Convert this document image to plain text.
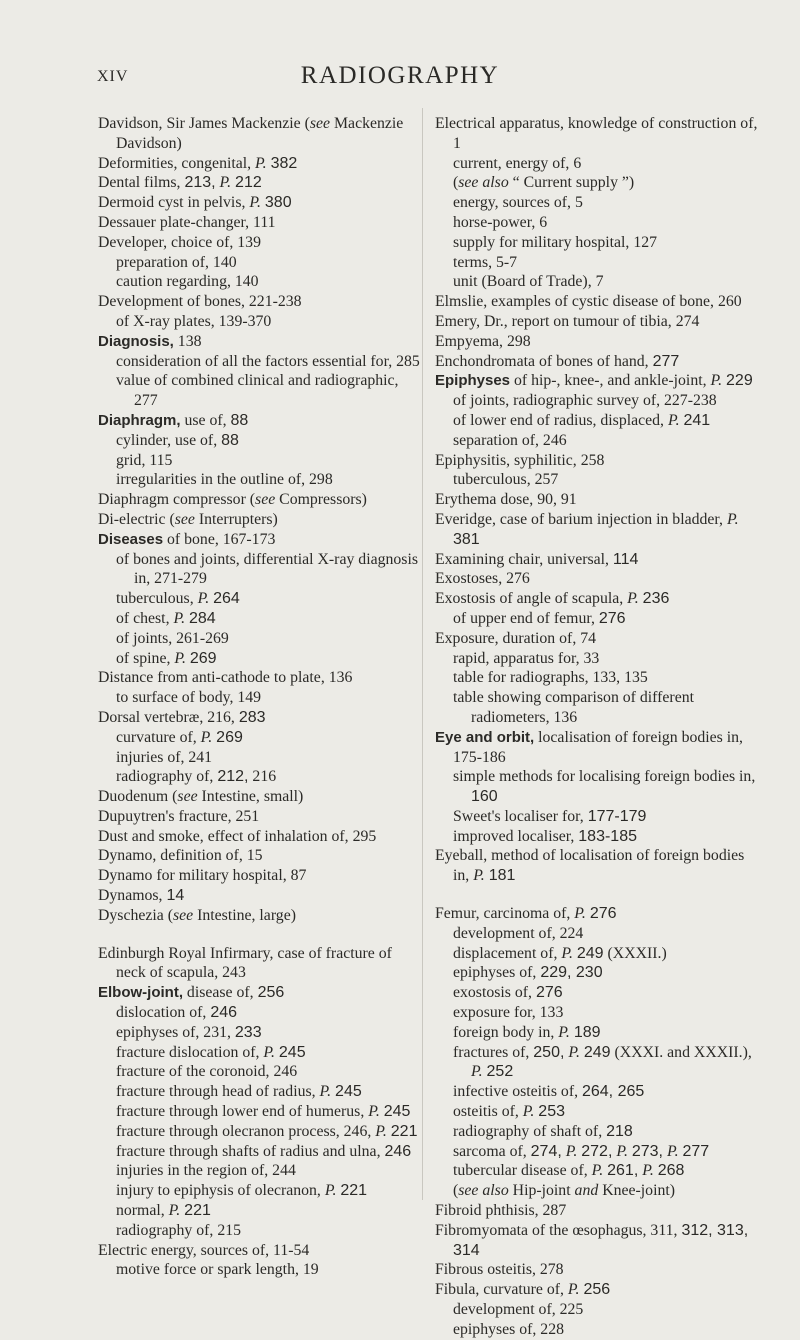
XIV	RADIOGRAPHY
Davidson, Sir James Mackenzie (see Mackenzie Davidson)
Deformities, congenital, P. 382
Dental films, 213, P. 212
Dermoid cyst in pelvis, P. 380
Dessauer plate-changer, 111
Developer, choice of, 139
preparation of, 140
caution regarding, 140
Development of bones, 221-238
of X-ray plates, 139-370
Diagnosis, 138
consideration of all the factors essential for, 285
value of combined clinical and radiographic, 277
Diaphragm, use of, 88
cylinder, use of, 88
grid, 115
irregularities in the outline of, 298
Diaphragm compressor (see Compressors)
Di-electric (see Interrupters)
Diseases of bone, 167-173
of bones and joints, differential X-ray diagnosis in, 271-279
tuberculous, P. 264
of chest, P. 284
of joints, 261-269
of spine, P. 269
Distance from anti-cathode to plate, 136
to surface of body, 149
Dorsal vertebræ, 216, 283
curvature of, P. 269
injuries of, 241
radiography of, 212, 216
Duodenum (see Intestine, small)
Dupuytren's fracture, 251
Dust and smoke, effect of inhalation of, 295
Dynamo, definition of, 15
Dynamo for military hospital, 87
Dynamos, 14
Dyschezia (see Intestine, large)
Edinburgh Royal Infirmary, case of fracture of neck of scapula, 243
Elbow-joint, disease of, 256
dislocation of, 246
epiphyses of, 231, 233
fracture dislocation of, P. 245
fracture of the coronoid, 246
fracture through head of radius, P. 245
fracture through lower end of humerus, P. 245
fracture through olecranon process, 246, P. 221
fracture through shafts of radius and ulna, 246
injuries in the region of, 244
injury to epiphysis of olecranon, P. 221
normal, P. 221
radiography of, 215
Electric energy, sources of, 11-54
motive force or spark length, 19
Electrical apparatus, knowledge of construction of, 1
current, energy of, 6
(see also “ Current supply ”)
energy, sources of, 5
horse-power, 6
supply for military hospital, 127
terms, 5-7
unit (Board of Trade), 7
Elmslie, examples of cystic disease of bone, 260
Emery, Dr., report on tumour of tibia, 274
Empyema, 298
Enchondromata of bones of hand, 277
Epiphyses of hip-, knee-, and ankle-joint, P. 229
of joints, radiographic survey of, 227-238
of lower end of radius, displaced, P. 241
separation of, 246
Epiphysitis, syphilitic, 258
tuberculous, 257
Erythema dose, 90, 91
Everidge, case of barium injection in bladder, P. 381
Examining chair, universal, 114
Exostoses, 276
Exostosis of angle of scapula, P. 236
of upper end of femur, 276
Exposure, duration of, 74
rapid, apparatus for, 33
table for radiographs, 133, 135
table showing comparison of different radiometers, 136
Eye and orbit, localisation of foreign bodies in, 175-186
simple methods for localising foreign bodies in, 160
Sweet's localiser for, 177-179
improved localiser, 183-185
Eyeball, method of localisation of foreign bodies in, P. 181
Femur, carcinoma of, P. 276
development of, 224
displacement of, P. 249 (XXXII.)
epiphyses of, 229, 230
exostosis of, 276
exposure for, 133
foreign body in, P. 189
fractures of, 250, P. 249 (XXXI. and XXXII.), P. 252
infective osteitis of, 264, 265
osteitis of, P. 253
radiography of shaft of, 218
sarcoma of, 274, P. 272, P. 273, P. 277
tubercular disease of, P. 261, P. 268
(see also Hip-joint and Knee-joint)
Fibroid phthisis, 287
Fibromyomata of the œsophagus, 311, 312, 313, 314
Fibrous osteitis, 278
Fibula, curvature of, P. 256
development of, 225
epiphyses of, 228
